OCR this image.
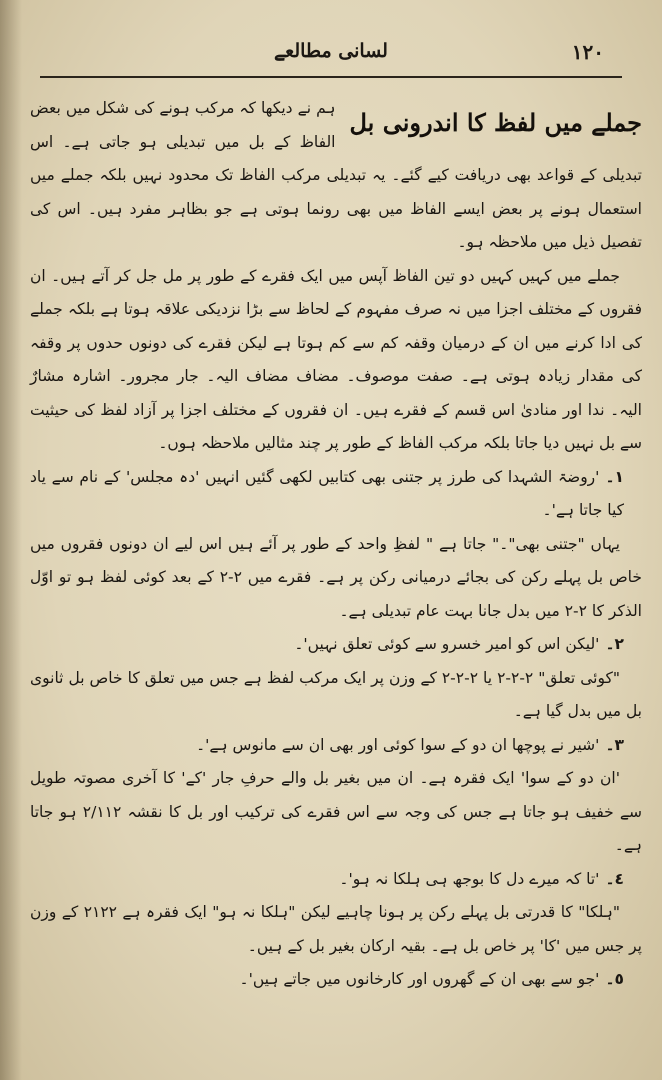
١٢٠
لسانی مطالعے
جملے میں لفظ کا اندرونی بل

ہم نے دیکھا کہ مرکب ہونے کی شکل میں بعض الفاظ کے بل میں تبدیلی ہو جاتی ہے۔ اس تبدیلی کے قواعد بھی دریافت کیے گئے۔ یہ تبدیلی مرکب الفاظ تک محدود نہیں بلکہ جملے میں استعمال ہونے پر بعض ایسے الفاظ میں بھی رونما ہوتی ہے جو بظاہر مفرد ہیں۔ اس کی تفصیل ذیل میں ملاحظہ ہو۔

جملے میں کہیں کہیں دو تین الفاظ آپس میں ایک فقرے کے طور پر مل جل کر آتے ہیں۔ ان فقروں کے مختلف اجزا میں نہ صرف مفہوم کے لحاظ سے بڑا نزدیکی علاقہ ہوتا ہے بلکہ جملے کی ادا کرنے میں ان کے درمیان وقفہ کم سے کم ہوتا ہے لیکن فقرے کی دونوں حدوں پر وقفہ کی مقدار زیادہ ہوتی ہے۔ صفت موصوف۔ مضاف مضاف الیہ۔ جار مجرور۔ اشارہ مشارٌ الیہ۔ ندا اور منادیٰ اس قسم کے فقرے ہیں۔ ان فقروں کے مختلف اجزا پر آزاد لفظ کی حیثیت سے بل نہیں دیا جاتا بلکہ مرکب الفاظ کے طور پر چند مثالیں ملاحظہ ہوں۔

١۔'روضۃ الشہدا کی طرز پر جتنی بھی کتابیں لکھی گئیں انہیں 'دہ مجلس' کے نام سے یاد کیا جاتا ہے'۔

یہاں "جتنی بھی"۔" جاتا ہے " لفظِ واحد کے طور پر آئے ہیں اس لیے ان دونوں فقروں میں خاص بل پہلے رکن کی بجائے درمیانی رکن پر ہے۔ فقرے میں ٢-٢ کے بعد کوئی لفظ ہو تو اوّل الذکر کا ٢-٢ میں بدل جانا بہت عام تبدیلی ہے۔

٢۔'لیکن اس کو امیر خسرو سے کوئی تعلق نہیں'۔

"کوئی تعلق" ٢-٢-٢ یا ٢-٢-٢ کے وزن پر ایک مرکب لفظ ہے جس میں تعلق کا خاص بل ثانوی بل میں بدل گیا ہے۔

٣۔'شیر نے پوچھا ان دو کے سوا کوئی اور بھی ان سے مانوس ہے'۔

'ان دو کے سوا' ایک فقرہ ہے۔ ان میں بغیر بل والے حرفِ جار 'کے' کا آخری مصوتہ طویل سے خفیف ہو جاتا ہے جس کی وجہ سے اس فقرے کی ترکیب اور بل کا نقشہ ٢/١١٢ ہو جاتا ہے۔

٤۔'تا کہ میرے دل کا بوجھ ہی ہلکا نہ ہو'۔

"ہلکا" کا قدرتی بل پہلے رکن پر ہونا چاہیے لیکن "ہلکا نہ ہو" ایک فقرہ ہے ٢١٢٢ کے وزن پر جس میں 'کا' پر خاص بل ہے۔ بقیہ ارکان بغیر بل کے ہیں۔

٥۔'جو سے بھی ان کے گھروں اور کارخانوں میں جاتے ہیں'۔
